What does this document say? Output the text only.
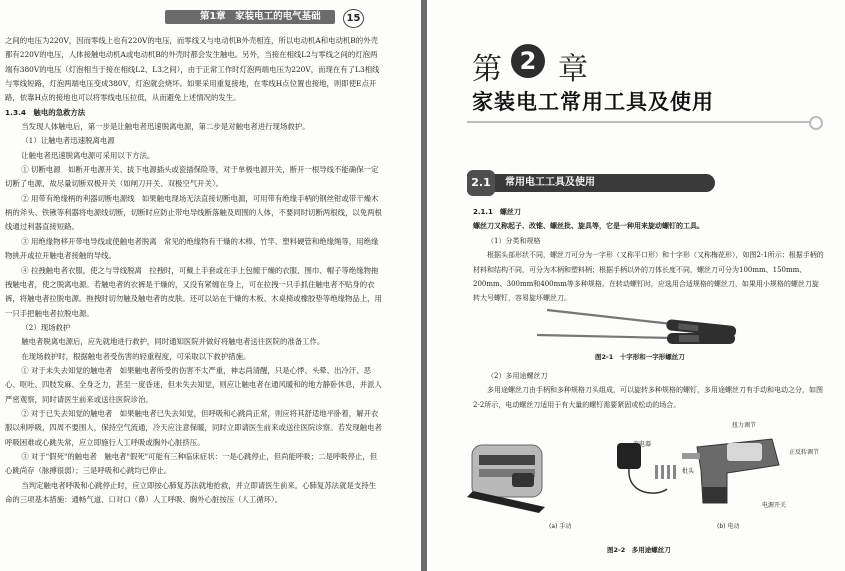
第1章　家装电工的电气基础	15

之间的电压为220V，因而零线上也有220V的电压，而零线又与电动机B外壳相连，所以电动机A和电动机B的外壳都有220V的电压，人体接触电动机A或电动机B的外壳时都会发生触电。另外，当接在相线L2与零线之间的灯泡两端有380V的电压（灯泡相当于接在相线L2、L3之间），由于正常工作时灯泡两端电压为220V，而现在有了L3相线与零线短路，灯泡两端电压变成380V，灯泡就会烧坏。如果采用重复接地，在零线H点位置也接地，则即使E点开路，依靠H点的接地也可以将零线电压拉低，从而避免上述情况的发生。

1.3.4　触电的急救方法

当发现人体触电后，第一步是让触电者迅速脱离电源，第二步是对触电者进行现场救护。

（1）让触电者迅速脱离电源

让触电者迅速脱离电源可采用以下方法。

① 切断电源　如断开电源开关、拔下电源插头或瓷插保险等，对于单极电源开关，断开一根导线不能确保一定切断了电源，故尽量切断双极开关（如闸刀开关、双极空气开关）。

② 用带有绝缘柄的利器切断电源线　如果触电现场无法直接切断电源，可用带有绝缘手柄的钢丝钳或带干燥木柄的斧头、铁锹等利器将电源线切断，切断时应防止带电导线断落触及周围的人体，不要同时切断两根线，以免两根线通过利器直接短路。

③ 用绝缘物移开带电导线或使触电者脱离　常见的绝缘物有干燥的木棒、竹竿、塑料硬管和绝缘绳等，用绝缘物挑开或拉开触电者接触的导线。

④ 拉拽触电者衣服，使之与导线脱离　拉拽时，可戴上手套或在手上包缠干燥的衣服、围巾、帽子等绝缘物拖拽触电者，使之脱离电源。若触电者的衣裤是干燥的，又没有紧缠在身上，可在拉拽一只手抓住触电者不贴身的衣裤，将触电者拉脱电源。拖拽时切勿触及触电者的皮肤。还可以站在干燥的木板、木桌椅或橡胶垫等绝缘物品上，用一只手把触电者拉脱电源。

（2）现场救护

触电者脱离电源后，应先就地进行救护，同时通知医院并做好将触电者送往医院的准备工作。

在现场救护时，根据触电者受伤害的轻重程度，可采取以下救护措施。

① 对于未失去知觉的触电者　如果触电者所受的伤害不太严重，神志尚清醒，只是心悸、头晕、出冷汗、恶心、呕吐、四肢发麻、全身乏力，甚至一度昏迷，但未失去知觉，则应让触电者在通风暖和的地方静卧休息，并派人严密观察，同时请医生前来或送往医院诊治。

② 对于已失去知觉的触电者　如果触电者已失去知觉，但呼吸和心跳尚正常，则应将其舒适地平卧着，解开衣服以利呼吸，四周不要围人，保持空气流通，冷天应注意保暖，同时立即请医生前来或送往医院诊察。若发现触电者呼吸困难或心跳失常，应立即施行人工呼吸或胸外心脏挤压。

③ 对于"假死"的触电者　触电者"假死"可能有三种临床症状：一是心跳停止，但尚能呼吸；二是呼吸停止，但心跳尚存（脉搏很弱）；三是呼吸和心跳均已停止。

当判定触电者呼吸和心跳停止时，应立即按心肺复苏法就地抢救，并立即请医生前来。心肺复苏法就是支持生命的三项基本措施：通畅气道、口对口（鼻）人工呼吸、胸外心脏按压（人工循环）。

第 2 章
家装电工常用工具及使用
2.1	常用电工工具及使用

2.1.1　螺丝刀

螺丝刀又称起子、改锥、螺丝批、旋具等，它是一种用来旋动螺钉的工具。

（1）分类和规格

根据头部形状不同，螺丝刀可分为一字形（又称平口形）和十字形（又称梅花形），如图2-1所示；根据手柄的材料和结构不同，可分为木柄和塑料柄；根据手柄以外的刀体长度不同，螺丝刀可分为100mm、150mm、200mm、300mm和400mm等多种规格。在转动螺钉时，应选用合适规格的螺丝刀，如果用小规格的螺丝刀旋转大号螺钉，容易旋坏螺丝刀。

图2-1　十字形和一字形螺丝刀

（2）多用途螺丝刀

多用途螺丝刀由手柄和多种规格刀头组成，可以旋转多种规格的螺钉，多用途螺丝刀有手动和电动之分，如图2-2所示，电动螺丝刀适用于有大量的螺钉需要紧固或松动的场合。

充电器
批头
扭力调节
正反转调节
电源开关
(a) 手动	(b) 电动
图2-2　多用途螺丝刀
